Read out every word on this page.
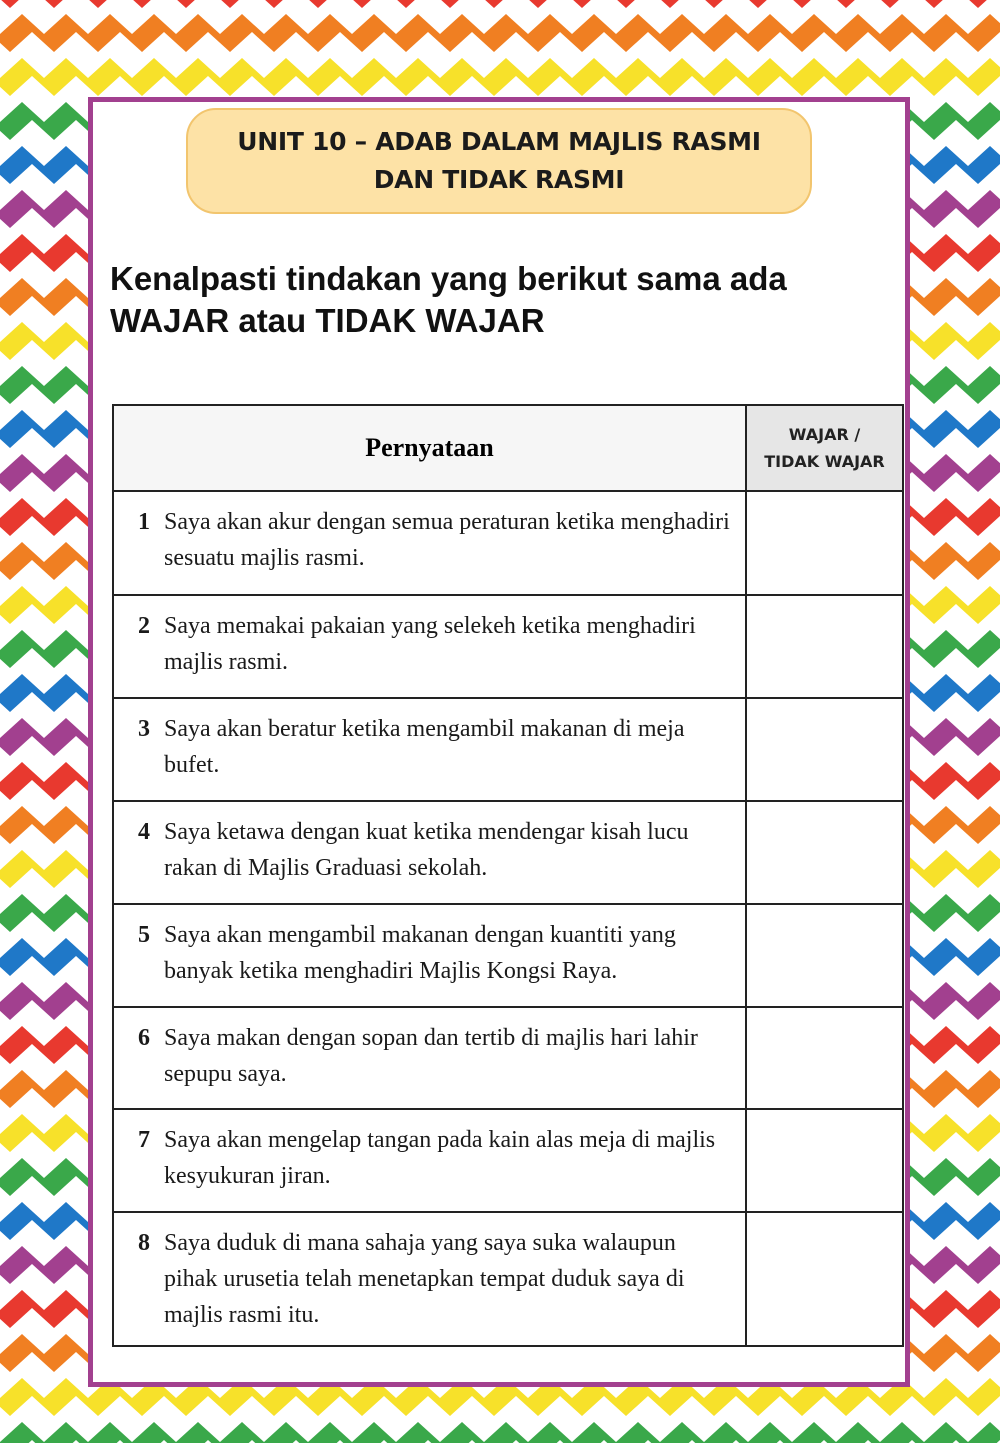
UNIT 10 – ADAB DALAM MAJLIS RASMI
DAN TIDAK RASMI
Kenalpasti tindakan yang berikut sama ada
WAJAR atau TIDAK WAJAR
Pernyataan	WAJAR /
TIDAK WAJAR
1 Saya akan akur dengan semua peraturan ketika menghadiri sesuatu majlis rasmi.
2 Saya memakai pakaian yang selekeh ketika menghadiri majlis rasmi.
3 Saya akan beratur ketika mengambil makanan di meja bufet.
4 Saya ketawa dengan kuat ketika mendengar kisah lucu rakan di Majlis Graduasi sekolah.
5 Saya akan mengambil makanan dengan kuantiti yang banyak ketika menghadiri Majlis Kongsi Raya.
6 Saya makan dengan sopan dan tertib di majlis hari lahir sepupu saya.
7 Saya akan mengelap tangan pada kain alas meja di majlis kesyukuran jiran.
8 Saya duduk di mana sahaja yang saya suka walaupun pihak urusetia telah menetapkan tempat duduk saya di majlis rasmi itu.
